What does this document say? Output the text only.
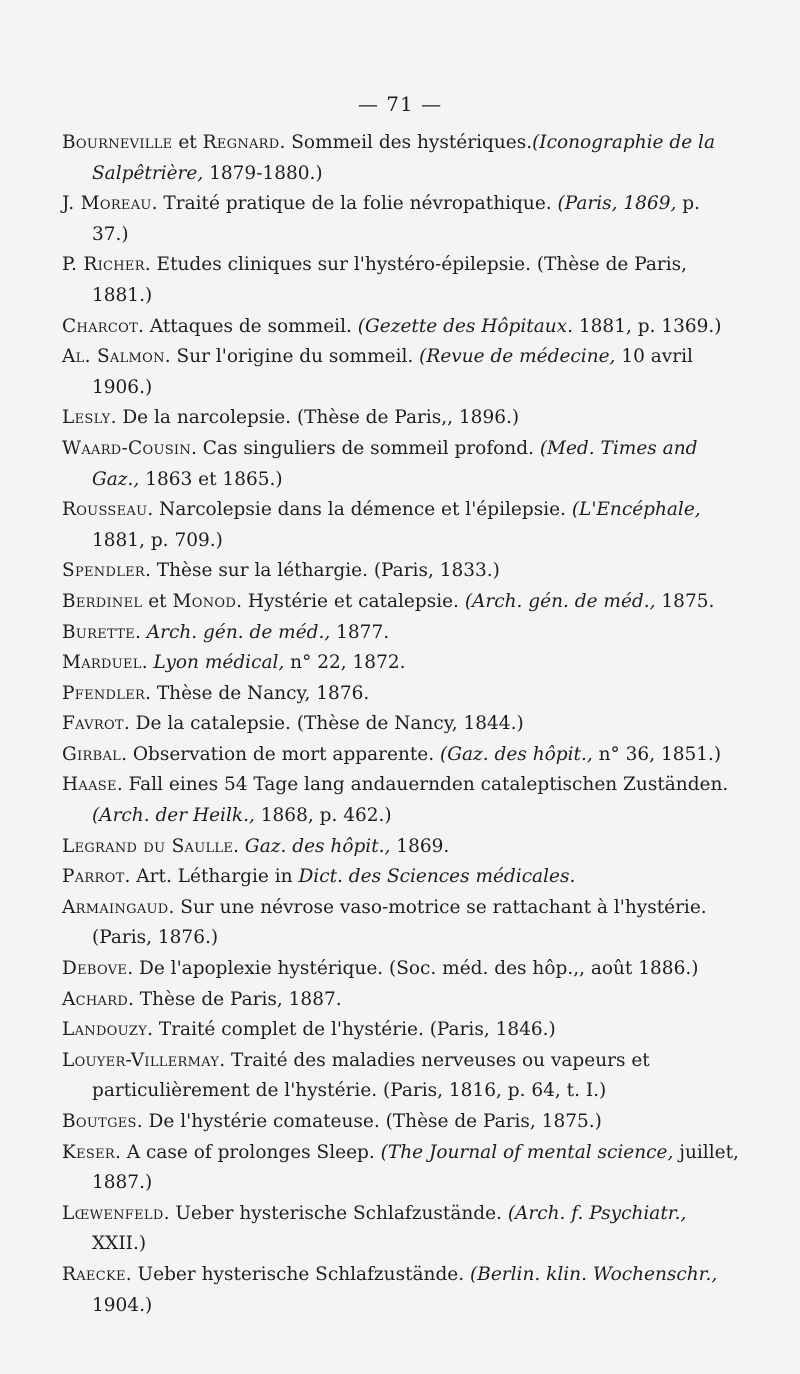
— 71 —
Bourneville et Regnard. Sommeil des hystériques.(Iconographie de la Salpêtrière, 1879-1880.)
J. Moreau. Traité pratique de la folie névropathique. (Paris, 1869, p. 37.)
P. Richer. Etudes cliniques sur l'hystéro-épilepsie. (Thèse de Paris, 1881.)
Charcot. Attaques de sommeil. (Gezette des Hôpitaux. 1881, p. 1369.)
Al. Salmon. Sur l'origine du sommeil. (Revue de médecine, 10 avril 1906.)
Lesly. De la narcolepsie. (Thèse de Paris,, 1896.)
Waard-Cousin. Cas singuliers de sommeil profond. (Med. Times and Gaz., 1863 et 1865.)
Rousseau. Narcolepsie dans la démence et l'épilepsie. (L'Encéphale, 1881, p. 709.)
Spendler. Thèse sur la léthargie. (Paris, 1833.)
Berdinel et Monod. Hystérie et catalepsie. (Arch. gén. de méd., 1875.
Burette. Arch. gén. de méd., 1877.
Marduel. Lyon médical, n° 22, 1872.
Pfendler. Thèse de Nancy, 1876.
Favrot. De la catalepsie. (Thèse de Nancy, 1844.)
Girbal. Observation de mort apparente. (Gaz. des hôpit., n° 36, 1851.)
Haase. Fall eines 54 Tage lang andauernden cataleptischen Zuständen. (Arch. der Heilk., 1868, p. 462.)
Legrand du Saulle. Gaz. des hôpit., 1869.
Parrot. Art. Léthargie in Dict. des Sciences médicales.
Armaingaud. Sur une névrose vaso-motrice se rattachant à l'hystérie. (Paris, 1876.)
Debove. De l'apoplexie hystérique. (Soc. méd. des hôp.,, août 1886.)
Achard. Thèse de Paris, 1887.
Landouzy. Traité complet de l'hystérie. (Paris, 1846.)
Louyer-Villermay. Traité des maladies nerveuses ou vapeurs et particulièrement de l'hystérie. (Paris, 1816, p. 64, t. I.)
Boutges. De l'hystérie comateuse. (Thèse de Paris, 1875.)
Keser. A case of prolonges Sleep. (The Journal of mental science, juillet, 1887.)
Lœwenfeld. Ueber hysterische Schlafzustände. (Arch. f. Psychiatr., XXII.)
Raecke. Ueber hysterische Schlafzustände. (Berlin. klin. Wochenschr., 1904.)
